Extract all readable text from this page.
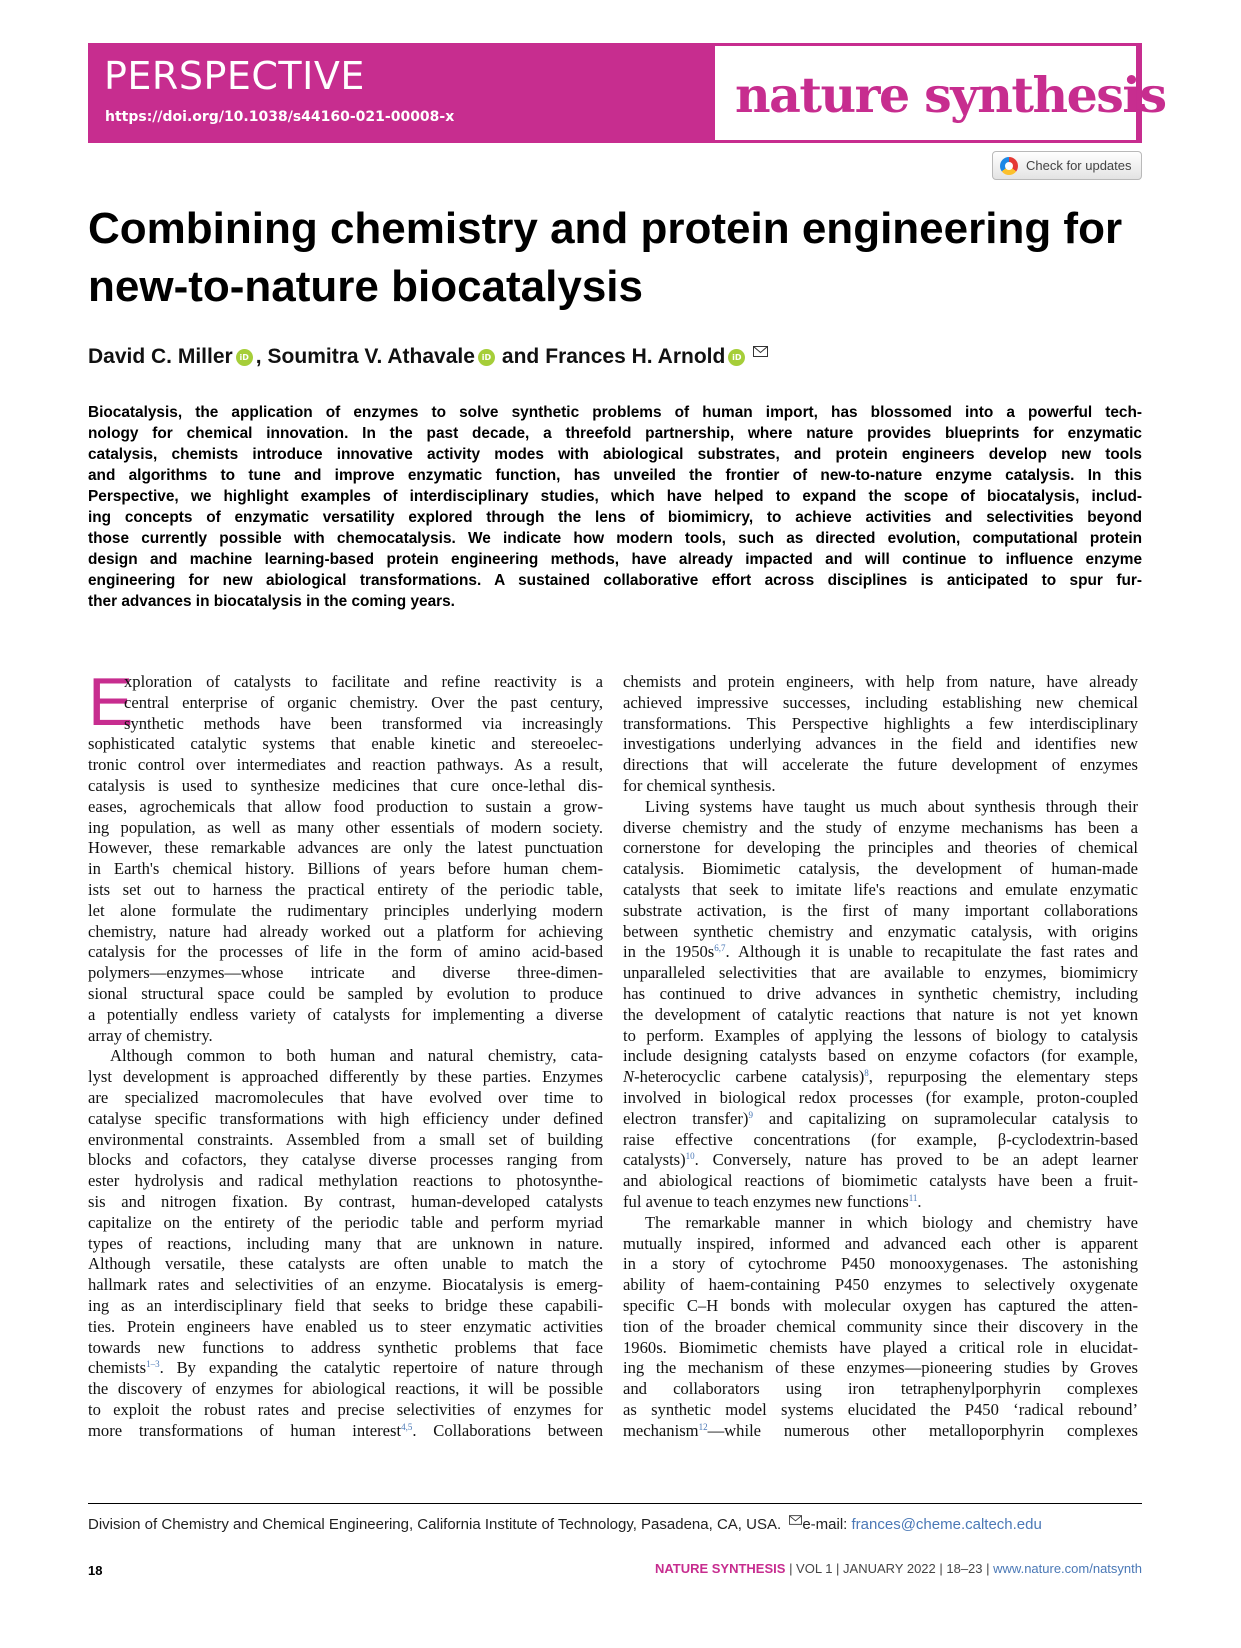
PERSPECTIVE
https://doi.org/10.1038/s44160-021-00008-x	nature synthesis
Check for updates
Combining chemistry and protein engineering for
new-to-nature biocatalysis
David C. Miller iD , Soumitra V. Athavale iD and Frances H. Arnold iD
Biocatalysis, the application of enzymes to solve synthetic problems of human import, has blossomed into a powerful tech-
nology for chemical innovation. In the past decade, a threefold partnership, where nature provides blueprints for enzymatic
catalysis, chemists introduce innovative activity modes with abiological substrates, and protein engineers develop new tools
and algorithms to tune and improve enzymatic function, has unveiled the frontier of new-to-nature enzyme catalysis. In this
Perspective, we highlight examples of interdisciplinary studies, which have helped to expand the scope of biocatalysis, includ-
ing concepts of enzymatic versatility explored through the lens of biomimicry, to achieve activities and selectivities beyond
those currently possible with chemocatalysis. We indicate how modern tools, such as directed evolution, computational protein
design and machine learning-based protein engineering methods, have already impacted and will continue to influence enzyme
engineering for new abiological transformations. A sustained collaborative effort across disciplines is anticipated to spur fur-
ther advances in biocatalysis in the coming years.
E
xploration of catalysts to facilitate and refine reactivity is a
central enterprise of organic chemistry. Over the past century,
synthetic methods have been transformed via increasingly
sophisticated catalytic systems that enable kinetic and stereoelec-
tronic control over intermediates and reaction pathways. As a result,
catalysis is used to synthesize medicines that cure once-lethal dis-
eases, agrochemicals that allow food production to sustain a grow-
ing population, as well as many other essentials of modern society.
However, these remarkable advances are only the latest punctuation
in Earth's chemical history. Billions of years before human chem-
ists set out to harness the practical entirety of the periodic table,
let alone formulate the rudimentary principles underlying modern
chemistry, nature had already worked out a platform for achieving
catalysis for the processes of life in the form of amino acid-based
polymers—enzymes—whose intricate and diverse three-dimen-
sional structural space could be sampled by evolution to produce
a potentially endless variety of catalysts for implementing a diverse
array of chemistry.
Although common to both human and natural chemistry, cata-
lyst development is approached differently by these parties. Enzymes
are specialized macromolecules that have evolved over time to
catalyse specific transformations with high efficiency under defined
environmental constraints. Assembled from a small set of building
blocks and cofactors, they catalyse diverse processes ranging from
ester hydrolysis and radical methylation reactions to photosynthe-
sis and nitrogen fixation. By contrast, human-developed catalysts
capitalize on the entirety of the periodic table and perform myriad
types of reactions, including many that are unknown in nature.
Although versatile, these catalysts are often unable to match the
hallmark rates and selectivities of an enzyme. Biocatalysis is emerg-
ing as an interdisciplinary field that seeks to bridge these capabili-
ties. Protein engineers have enabled us to steer enzymatic activities
towards new functions to address synthetic problems that face
chemists$^{1-3}$. By expanding the catalytic repertoire of nature through
the discovery of enzymes for abiological reactions, it will be possible
to exploit the robust rates and precise selectivities of enzymes for
more transformations of human interest$^{4,5}$. Collaborations between
chemists and protein engineers, with help from nature, have already
achieved impressive successes, including establishing new chemical
transformations. This Perspective highlights a few interdisciplinary
investigations underlying advances in the field and identifies new
directions that will accelerate the future development of enzymes
for chemical synthesis.
Living systems have taught us much about synthesis through their
diverse chemistry and the study of enzyme mechanisms has been a
cornerstone for developing the principles and theories of chemical
catalysis. Biomimetic catalysis, the development of human-made
catalysts that seek to imitate life's reactions and emulate enzymatic
substrate activation, is the first of many important collaborations
between synthetic chemistry and enzymatic catalysis, with origins
in the $1950s^{6,7}$. Although it is unable to recapitulate the fast rates and
unparalleled selectivities that are available to enzymes, biomimicry
has continued to drive advances in synthetic chemistry, including
the development of catalytic reactions that nature is not yet known
to perform. Examples of applying the lessons of biology to catalysis
include designing catalysts based on enzyme cofactors (for example,
N-heterocyclic carbene catalysis)$^8$, repurposing the elementary steps
involved in biological redox processes (for example, proton-coupled
electron transfer)$^9$ and capitalizing on supramolecular catalysis to
raise effective concentrations (for example, β-cyclodextrin-based
catalysts)$^{10}$. Conversely, nature has proved to be an adept learner
and abiological reactions of biomimetic catalysts have been a fruit-
ful avenue to teach enzymes new functions$^{11}$.
The remarkable manner in which biology and chemistry have
mutually inspired, informed and advanced each other is apparent
in a story of cytochrome P450 monooxygenases. The astonishing
ability of haem-containing P450 enzymes to selectively oxygenate
specific C–H bonds with molecular oxygen has captured the atten-
tion of the broader chemical community since their discovery in the
1960s. Biomimetic chemists have played a critical role in elucidat-
ing the mechanism of these enzymes—pioneering studies by Groves
and collaborators using iron tetraphenylporphyrin complexes
as synthetic model systems elucidated the P450 ‘radical rebound’
mechanism$^{12}$—while numerous other metalloporphyrin complexes
Division of Chemistry and Chemical Engineering, California Institute of Technology, Pasadena, CA, USA. e-mail: frances@cheme.caltech.edu
18	NATURE SYNTHESIS | VOL 1 | JANUARY 2022 | 18–23 | www.nature.com/natsynth
